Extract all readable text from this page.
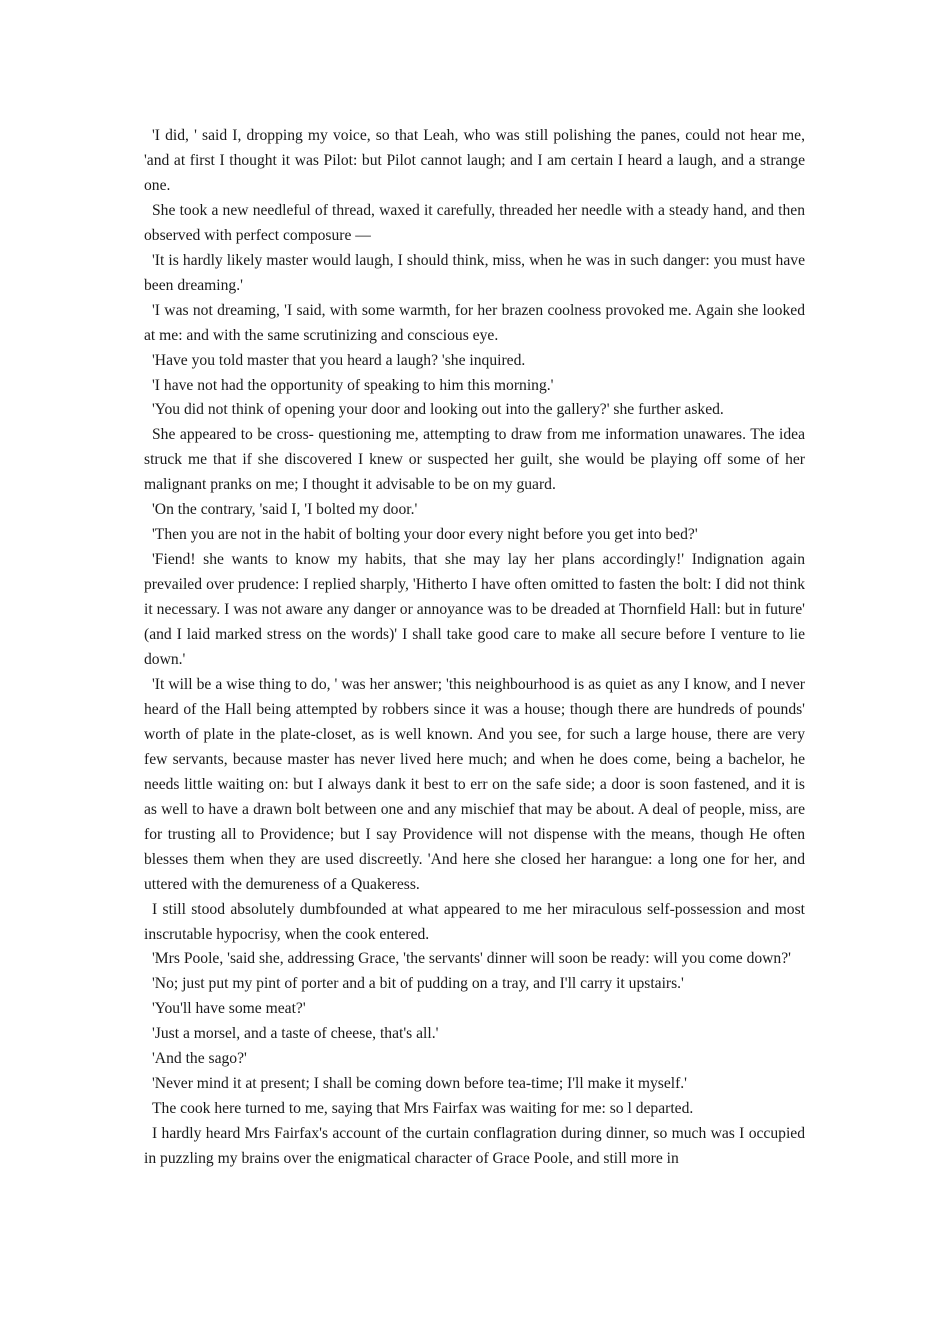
'I did, ' said I, dropping my voice, so that Leah, who was still polishing the panes, could not hear me, 'and at first I thought it was Pilot: but Pilot cannot laugh; and I am certain I heard a laugh, and a strange one.

She took a new needleful of thread, waxed it carefully, threaded her needle with a steady hand, and then observed with perfect composure —

'It is hardly likely master would laugh, I should think, miss, when he was in such danger: you must have been dreaming.'

'I was not dreaming, 'I said, with some warmth, for her brazen coolness provoked me. Again she looked at me: and with the same scrutinizing and conscious eye.

'Have you told master that you heard a laugh? 'she inquired.

'I have not had the opportunity of speaking to him this morning.'

'You did not think of opening your door and looking out into the gallery?' she further asked.

She appeared to be cross- questioning me, attempting to draw from me information unawares. The idea struck me that if she discovered I knew or suspected her guilt, she would be playing off some of her malignant pranks on me; I thought it advisable to be on my guard.

'On the contrary, 'said I, 'I bolted my door.'

'Then you are not in the habit of bolting your door every night before you get into bed?'

'Fiend! she wants to know my habits, that she may lay her plans accordingly!' Indignation again prevailed over prudence: I replied sharply, 'Hitherto I have often omitted to fasten the bolt: I did not think it necessary. I was not aware any danger or annoyance was to be dreaded at Thornfield Hall: but in future' (and I laid marked stress on the words)' I shall take good care to make all secure before I venture to lie down.'

'It will be a wise thing to do, ' was her answer; 'this neighbourhood is as quiet as any I know, and I never heard of the Hall being attempted by robbers since it was a house; though there are hundreds of pounds' worth of plate in the plate-closet, as is well known. And you see, for such a large house, there are very few servants, because master has never lived here much; and when he does come, being a bachelor, he needs little waiting on: but I always dank it best to err on the safe side; a door is soon fastened, and it is as well to have a drawn bolt between one and any mischief that may be about. A deal of people, miss, are for trusting all to Providence; but I say Providence will not dispense with the means, though He often blesses them when they are used discreetly. 'And here she closed her harangue: a long one for her, and uttered with the demureness of a Quakeress.

I still stood absolutely dumbfounded at what appeared to me her miraculous self-possession and most inscrutable hypocrisy, when the cook entered.

'Mrs Poole, 'said she, addressing Grace, 'the servants' dinner will soon be ready: will you come down?'

'No; just put my pint of porter and a bit of pudding on a tray, and I'll carry it upstairs.'

'You'll have some meat?'

'Just a morsel, and a taste of cheese, that's all.'

'And the sago?'

'Never mind it at present; I shall be coming down before tea-time; I'll make it myself.'

The cook here turned to me, saying that Mrs Fairfax was waiting for me: so l departed.

I hardly heard Mrs Fairfax's account of the curtain conflagration during dinner, so much was I occupied in puzzling my brains over the enigmatical character of Grace Poole, and still more in
